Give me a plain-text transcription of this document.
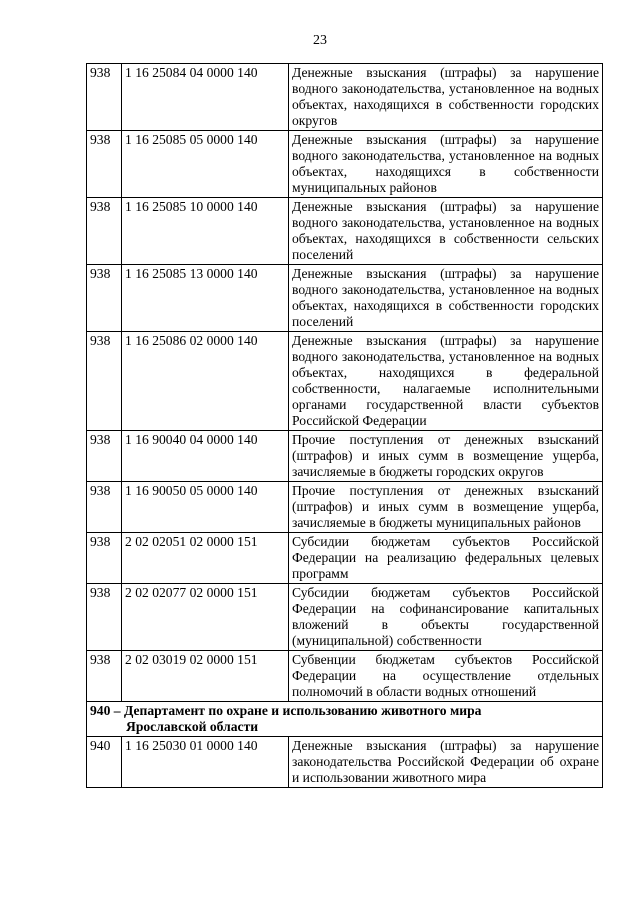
23
938	1 16 25084 04 0000 140	Денежные взыскания (штрафы) за нарушение водного законодательства, установленное на водных объектах, находящихся в собственности городских округов
938	1 16 25085 05 0000 140	Денежные взыскания (штрафы) за нарушение водного законодательства, установленное на водных объектах, находящихся в собственности муниципальных районов
938	1 16 25085 10 0000 140	Денежные взыскания (штрафы) за нарушение водного законодательства, установленное на водных объектах, находящихся в собственности сельских поселений
938	1 16 25085 13 0000 140	Денежные взыскания (штрафы) за нарушение водного законодательства, установленное на водных объектах, находящихся в собственности городских поселений
938	1 16 25086 02 0000 140	Денежные взыскания (штрафы) за нарушение водного законодательства, установленное на водных объектах, находящихся в федеральной собственности, налагаемые исполнительными органами государственной власти субъектов Российской Федерации
938	1 16 90040 04 0000 140	Прочие поступления от денежных взысканий (штрафов) и иных сумм в возмещение ущерба, зачисляемые в бюджеты городских округов
938	1 16 90050 05 0000 140	Прочие поступления от денежных взысканий (штрафов) и иных сумм в возмещение ущерба, зачисляемые в бюджеты муниципальных районов
938	2 02 02051 02 0000 151	Субсидии бюджетам субъектов Российской Федерации на реализацию федеральных целевых программ
938	2 02 02077 02 0000 151	Субсидии бюджетам субъектов Российской Федерации на софинансирование капитальных вложений в объекты государственной (муниципальной) собственности
938	2 02 03019 02 0000 151	Субвенции бюджетам субъектов Российской Федерации на осуществление отдельных полномочий в области водных отношений
940 – Департамент по охране и использованию животного мира
Ярославской области		

940	1 16 25030 01 0000 140	Денежные взыскания (штрафы) за нарушение законодательства Российской Федерации об охране и использовании животного мира
